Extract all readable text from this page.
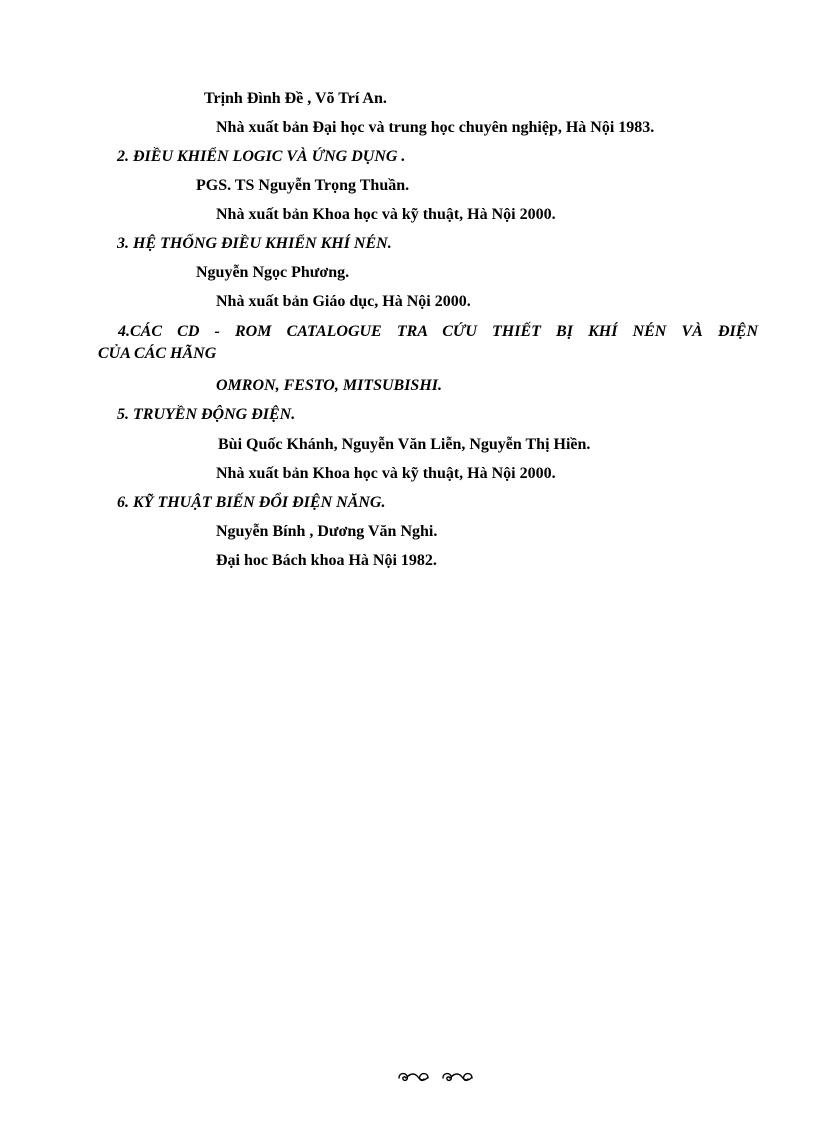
Trịnh Đình Đề , Võ Trí An.
Nhà xuất bản Đại học và trung học chuyên nghiệp, Hà Nội 1983.
2. ĐIỀU KHIỂN LOGIC VÀ ỨNG DỤNG .
PGS. TS Nguyễn Trọng Thuần.
Nhà xuất bản Khoa học và kỹ thuật, Hà Nội 2000.
3. HỆ THỐNG ĐIỀU KHIỂN KHÍ NÉN.
Nguyễn Ngọc Phương.
Nhà xuất bản Giáo dục, Hà Nội 2000.
4.CÁC CD - ROM CATALOGUE TRA CỨU THIẾT BỊ KHÍ NÉN VÀ ĐIỆN
CỦA CÁC HÃNG
OMRON, FESTO, MITSUBISHI.
5. TRUYỀN ĐỘNG ĐIỆN.
Bùi Quốc Khánh, Nguyễn Văn Liễn, Nguyễn Thị Hiền.
Nhà xuất bản Khoa học và kỹ thuật, Hà Nội 2000.
6. KỸ THUẬT BIẾN ĐỔI ĐIỆN NĂNG.
Nguyễn Bính , Dương Văn Nghi.
Đại hoc Bách khoa Hà Nội 1982.
